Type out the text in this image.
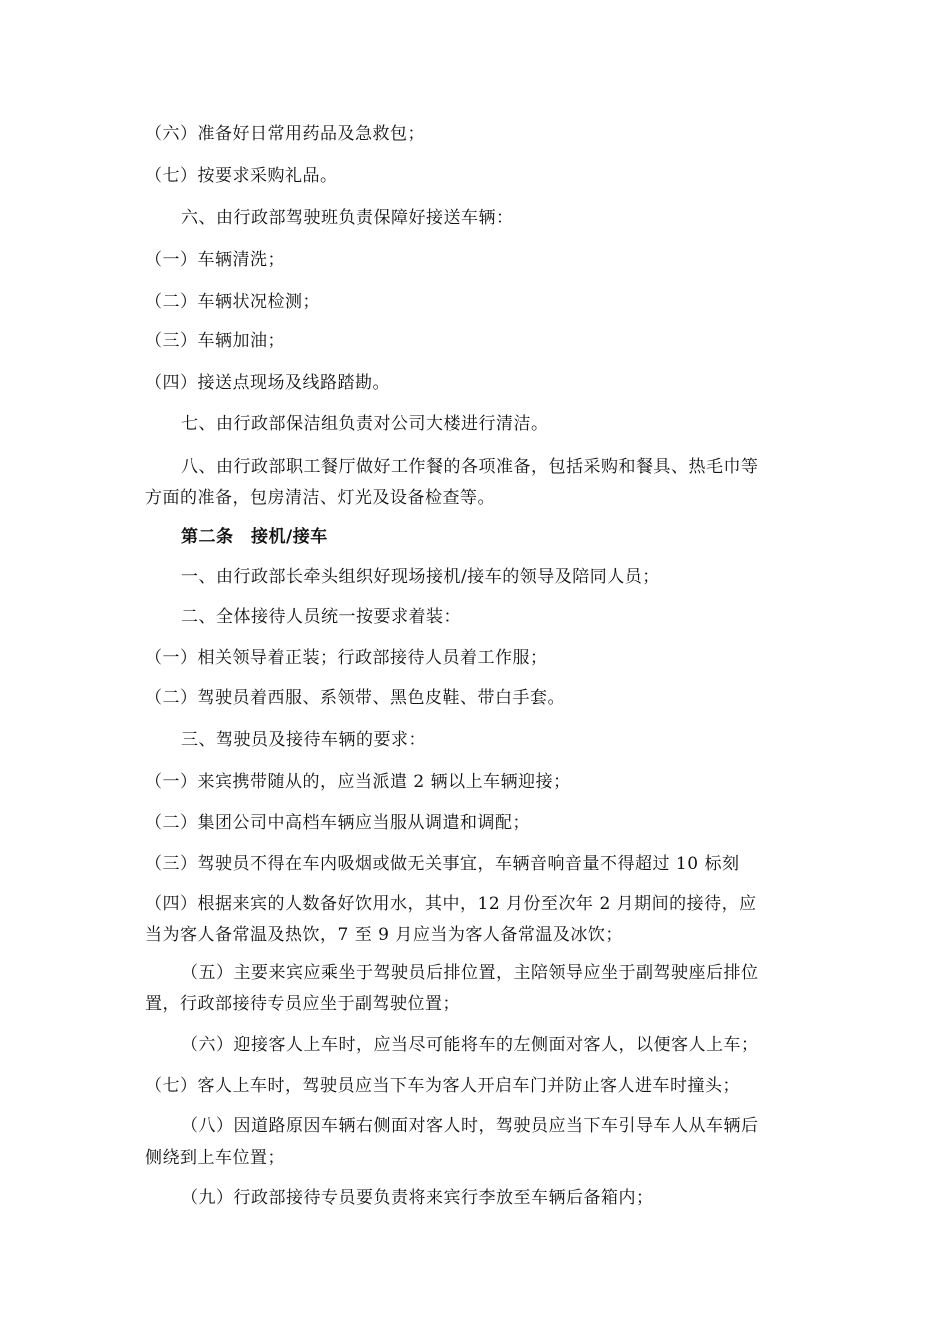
（六）准备好日常用药品及急救包；
（七）按要求采购礼品。
六、由行政部驾驶班负责保障好接送车辆：
（一）车辆清洗；
（二）车辆状况检测；
（三）车辆加油；
（四）接送点现场及线路踏勘。
七、由行政部保洁组负责对公司大楼进行清洁。
八、由行政部职工餐厅做好工作餐的各项准备，包括采购和餐具、热毛巾等
方面的准备，包房清洁、灯光及设备检查等。
第二条　接机/接车
一、由行政部长牵头组织好现场接机/接车的领导及陪同人员；
二、全体接待人员统一按要求着装：
（一）相关领导着正装；行政部接待人员着工作服；
（二）驾驶员着西服、系领带、黑色皮鞋、带白手套。
三、驾驶员及接待车辆的要求：
（一）来宾携带随从的，应当派遣 2 辆以上车辆迎接；
（二）集团公司中高档车辆应当服从调遣和调配；
（三）驾驶员不得在车内吸烟或做无关事宜，车辆音响音量不得超过 10 标刻
（四）根据来宾的人数备好饮用水，其中，12 月份至次年 2 月期间的接待，应
当为客人备常温及热饮，7 至 9 月应当为客人备常温及冰饮；
（五）主要来宾应乘坐于驾驶员后排位置，主陪领导应坐于副驾驶座后排位
置，行政部接待专员应坐于副驾驶位置；
（六）迎接客人上车时，应当尽可能将车的左侧面对客人，以便客人上车；
（七）客人上车时，驾驶员应当下车为客人开启车门并防止客人进车时撞头；
（八）因道路原因车辆右侧面对客人时，驾驶员应当下车引导车人从车辆后
侧绕到上车位置；
（九）行政部接待专员要负责将来宾行李放至车辆后备箱内；
